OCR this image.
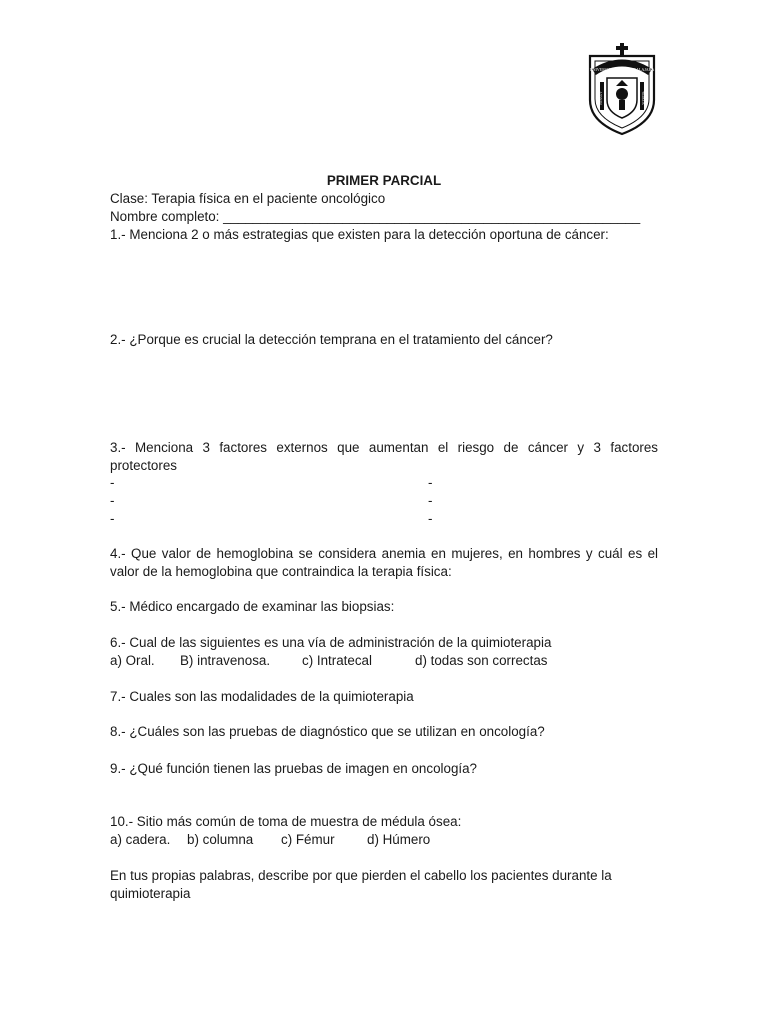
UNIVERSIDAD DE GUADALAJARA
PIENSA Y	TRABAJA
PRIMER PARCIAL
Clase: Terapia física en el paciente oncológico
Nombre completo: ________________________________________________________
1.- Menciona 2 o más estrategias que existen para la detección oportuna de cáncer:
2.- ¿Porque es crucial la detección temprana en el tratamiento del cáncer?
3.- Menciona 3 factores externos que aumentan el riesgo de cáncer y 3 factores
protectores
-	-
-	-
-	-
4.- Que valor de hemoglobina se considera anemia en mujeres, en hombres y cuál es el
valor de la hemoglobina que contraindica la terapia física:
5.- Médico encargado de examinar las biopsias:
6.- Cual de las siguientes es una vía de administración de la quimioterapia
a) Oral. B) intravenosa. c) Intratecal	d) todas son correctas
7.- Cuales son las modalidades de la quimioterapia
8.- ¿Cuáles son las pruebas de diagnóstico que se utilizan en oncología?
9.- ¿Qué función tienen las pruebas de imagen en oncología?
10.- Sitio más común de toma de muestra de médula ósea:
a) cadera. b) columna c) Fémur d) Húmero
En tus propias palabras, describe por que pierden el cabello los pacientes durante la
quimioterapia
